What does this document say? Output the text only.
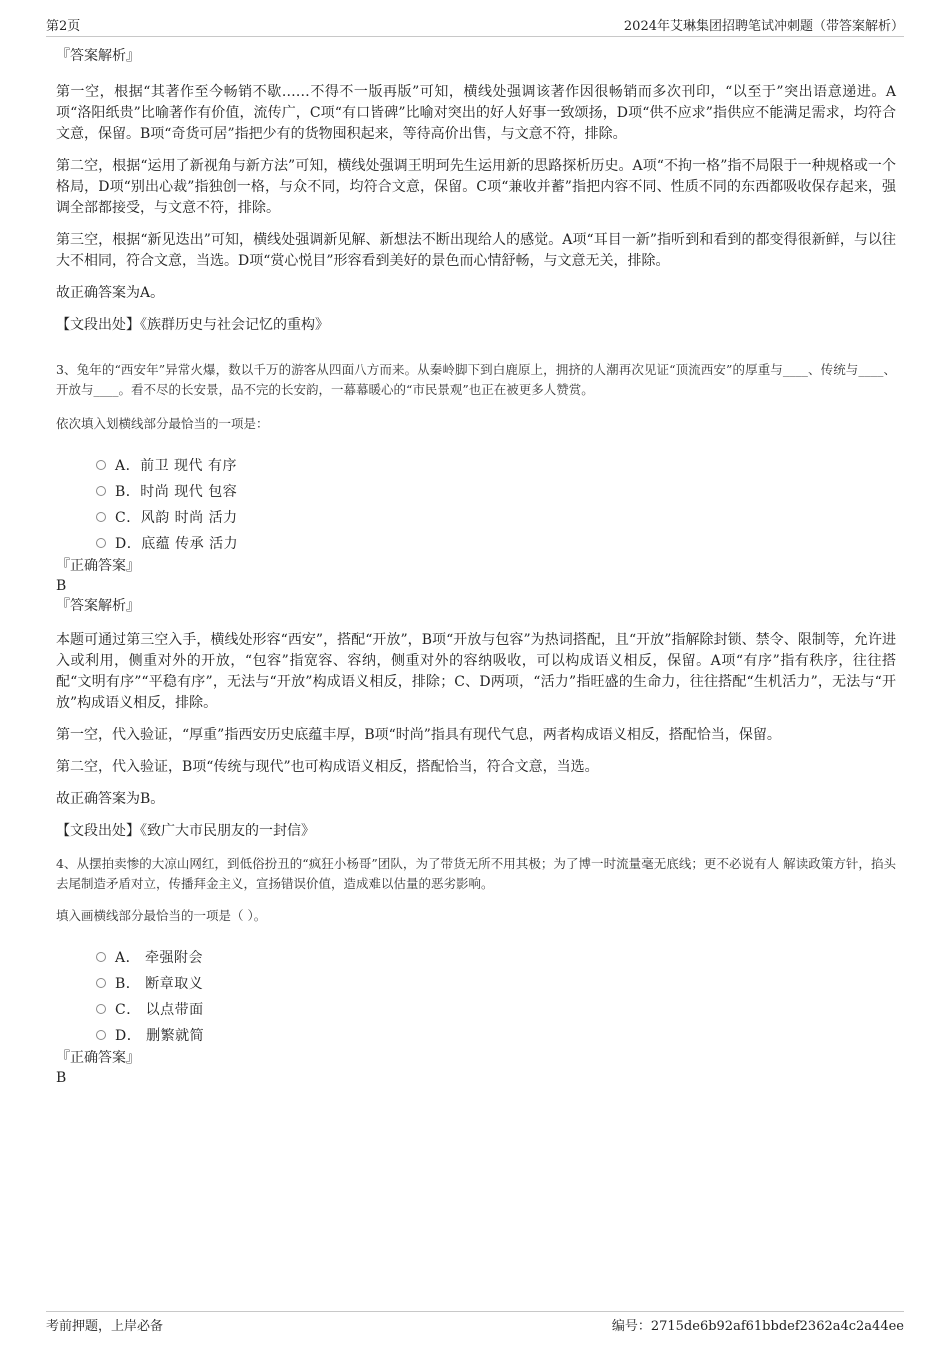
第2页	2024年艾琳集团招聘笔试冲刺题（带答案解析）

『答案解析』

第一空，根据“其著作至今畅销不歇……不得不一版再版”可知，横线处强调该著作因很畅销而多次刊印，“以至于”突出语意递进。A项“洛阳纸贵”比喻著作有价值，流传广，C项“有口皆碑”比喻对突出的好人好事一致颂扬，D项“供不应求”指供应不能满足需求，均符合文意，保留。B项“奇货可居”指把少有的货物囤积起来，等待高价出售，与文意不符，排除。

第二空，根据“运用了新视角与新方法”可知，横线处强调王明珂先生运用新的思路探析历史。A项“不拘一格”指不局限于一种规格或一个格局，D项“别出心裁”指独创一格，与众不同，均符合文意，保留。C项“兼收并蓄”指把内容不同、性质不同的东西都吸收保存起来，强调全部都接受，与文意不符，排除。

第三空，根据“新见迭出”可知，横线处强调新见解、新想法不断出现给人的感觉。A项“耳目一新”指听到和看到的都变得很新鲜，与以往大不相同，符合文意，当选。D项“赏心悦目”形容看到美好的景色而心情舒畅，与文意无关，排除。

故正确答案为A。

【文段出处】《族群历史与社会记忆的重构》

3、兔年的“西安年”异常火爆，数以千万的游客从四面八方而来。从秦岭脚下到白鹿原上，拥挤的人潮再次见证“顶流西安”的厚重与____、传统与____、开放与____。看不尽的长安景，品不完的长安韵，一幕幕暖心的“市民景观”也正在被更多人赞赏。

依次填入划横线部分最恰当的一项是：

A．前卫 现代 有序
B．时尚 现代 包容
C．风韵 时尚 活力
D．底蕴 传承 活力

『正确答案』

B

『答案解析』

本题可通过第三空入手，横线处形容“西安”，搭配“开放”，B项“开放与包容”为热词搭配，且“开放”指解除封锁、禁令、限制等，允许进入或利用，侧重对外的开放，“包容”指宽容、容纳，侧重对外的容纳吸收，可以构成语义相反，保留。A项“有序”指有秩序，往往搭配“文明有序”“平稳有序”，无法与“开放”构成语义相反，排除；C、D两项，“活力”指旺盛的生命力，往往搭配“生机活力”，无法与“开放”构成语义相反，排除。

第一空，代入验证，“厚重”指西安历史底蕴丰厚，B项“时尚”指具有现代气息，两者构成语义相反，搭配恰当，保留。

第二空，代入验证，B项“传统与现代”也可构成语义相反，搭配恰当，符合文意，当选。

故正确答案为B。

【文段出处】《致广大市民朋友的一封信》

4、从摆拍卖惨的大凉山网红，到低俗扮丑的“疯狂小杨哥”团队，为了带货无所不用其极；为了博一时流量毫无底线；更不必说有人 解读政策方针，掐头去尾制造矛盾对立，传播拜金主义，宣扬错误价值，造成难以估量的恶劣影响。

填入画横线部分最恰当的一项是（ ）。

A． 牵强附会
B． 断章取义
C． 以点带面
D． 删繁就简

『正确答案』

B

考前押题，上岸必备	编号：2715de6b92af61bbdef2362a4c2a44ee
